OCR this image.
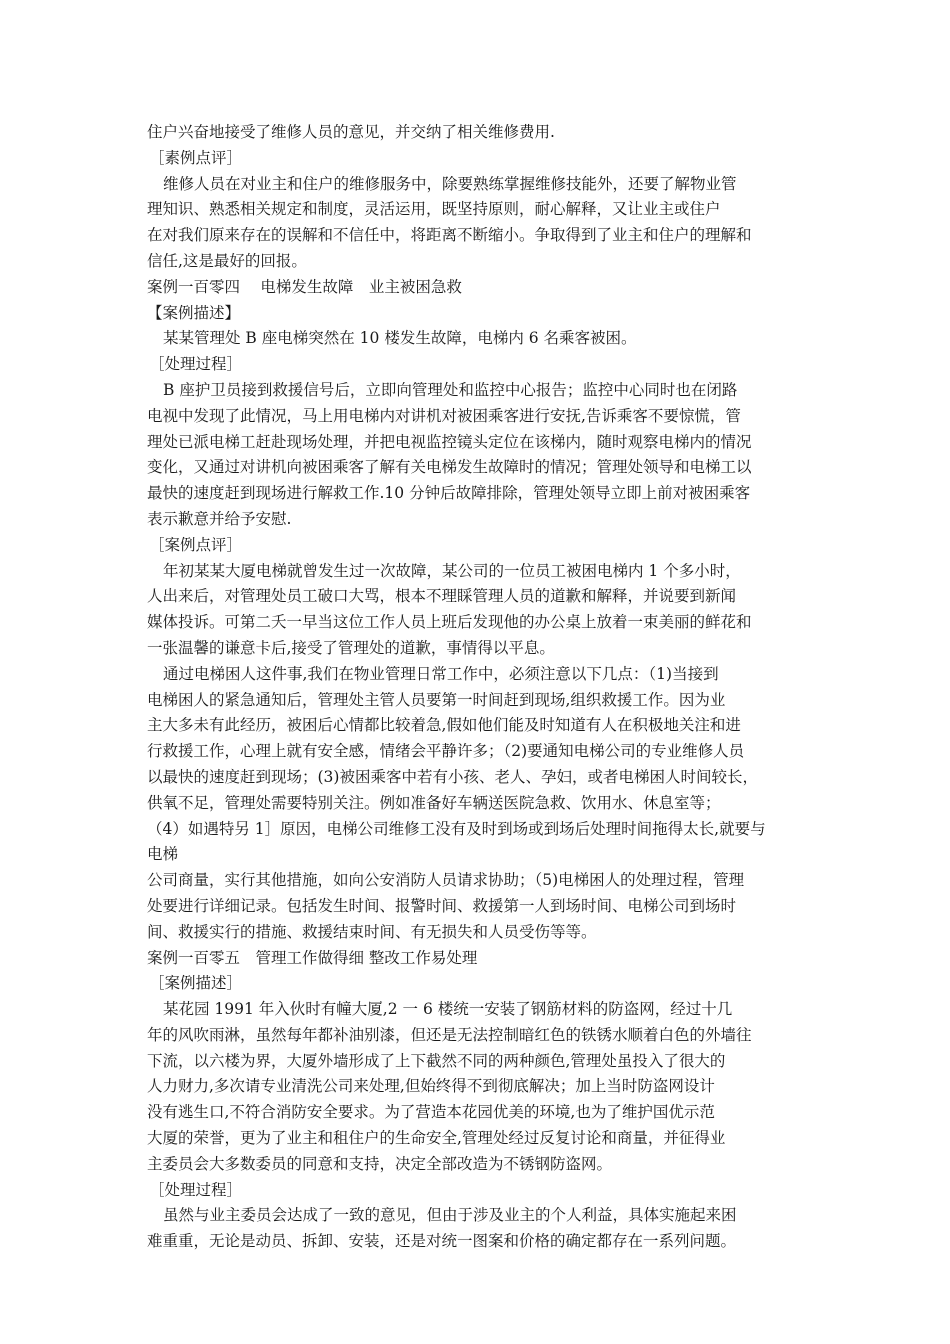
住户兴奋地接受了维修人员的意见，并交纳了相关维修费用.
［素例点评］
维修人员在对业主和住户的维修服务中，除要熟练掌握维修技能外，还要了解物业管
理知识、熟悉相关规定和制度，灵活运用，既坚持原则，耐心解释，又让业主或住户
在对我们原来存在的误解和不信任中，将距离不断缩小。争取得到了业主和住户的理解和
信任,这是最好的回报。
案例一百零四　 电梯发生故障　业主被困急救
【案例描述】
某某管理处 B 座电梯突然在 10 楼发生故障，电梯内 6 名乘客被困。
［处理过程］
B 座护卫员接到救援信号后，立即向管理处和监控中心报告；监控中心同时也在闭路
电视中发现了此情况，马上用电梯内对讲机对被困乘客进行安抚,告诉乘客不要惊慌，管
理处已派电梯工赶赴现场处理，并把电视监控镜头定位在该梯内，随时观察电梯内的情况
变化，又通过对讲机向被困乘客了解有关电梯发生故障时的情况；管理处领导和电梯工以
最快的速度赶到现场进行解救工作.10 分钟后故障排除，管理处领导立即上前对被困乘客
表示歉意并给予安慰.
［案例点评］
年初某某大厦电梯就曾发生过一次故障，某公司的一位员工被困电梯内 1 个多小时，
人出来后，对管理处员工破口大骂，根本不理睬管理人员的道歉和解释，并说要到新闻
媒体投诉。可第二夭一早当这位工作人员上班后发现他的办公桌上放着一束美丽的鲜花和
一张温馨的谦意卡后,接受了管理处的道歉，事情得以平息。
通过电梯困人这件事,我们在物业管理日常工作中，必须注意以下几点：（1)当接到
电梯困人的紧急通知后，管理处主管人员要第一时间赶到现场,组织救援工作。因为业
主大多未有此经历，被困后心情都比较着急,假如他们能及时知道有人在积极地关注和进
行救援工作，心理上就有安全感，情绪会平静许多；（2)要通知电梯公司的专业维修人员
以最快的速度赶到现场；(3)被困乘客中若有小孩、老人、孕妇，或者电梯困人时间较长，
供氧不足，管理处需要特别关注。例如准备好车辆送医院急救、饮用水、休息室等；
（4）如遇特另 1］原因，电梯公司维修工没有及时到场或到场后处理时间拖得太长,就要与
电梯
公司商量，实行其他措施，如向公安消防人员请求协助；（5)电梯困人的处理过程，管理
处要进行详细记录。包括发生时间、报警时间、救援第一人到场时间、电梯公司到场时
间、救援实行的措施、救援结束时间、有无损失和人员受伤等等。
案例一百零五　管理工作做得细 整改工作易处理
［案例描述］
某花园 1991 年入伙时有幢大厦,2 一 6 楼统一安装了钢筋材料的防盗网，经过十几
年的风吹雨淋，虽然每年都补油别漆，但还是无法控制暗红色的铁锈水顺着白色的外墙往
下流，以六楼为界，大厦外墙形成了上下截然不同的两种颜色,管理处虽投入了很大的
人力财力,多次请专业清洗公司来处理,但始终得不到彻底解决；加上当时防盗网设计
没有逃生口,不符合消防安全要求。为了营造本花园优美的环境,也为了维护国优示范
大厦的荣誉，更为了业主和租住户的生命安全,管理处经过反复讨论和商量，并征得业
主委员会大多数委员的同意和支持，决定全部改造为不锈钢防盗网。
［处理过程］
虽然与业主委员会达成了一致的意见，但由于涉及业主的个人利益，具体实施起来困
难重重，无论是动员、拆卸、安装，还是对统一图案和价格的确定都存在一系列问题。
